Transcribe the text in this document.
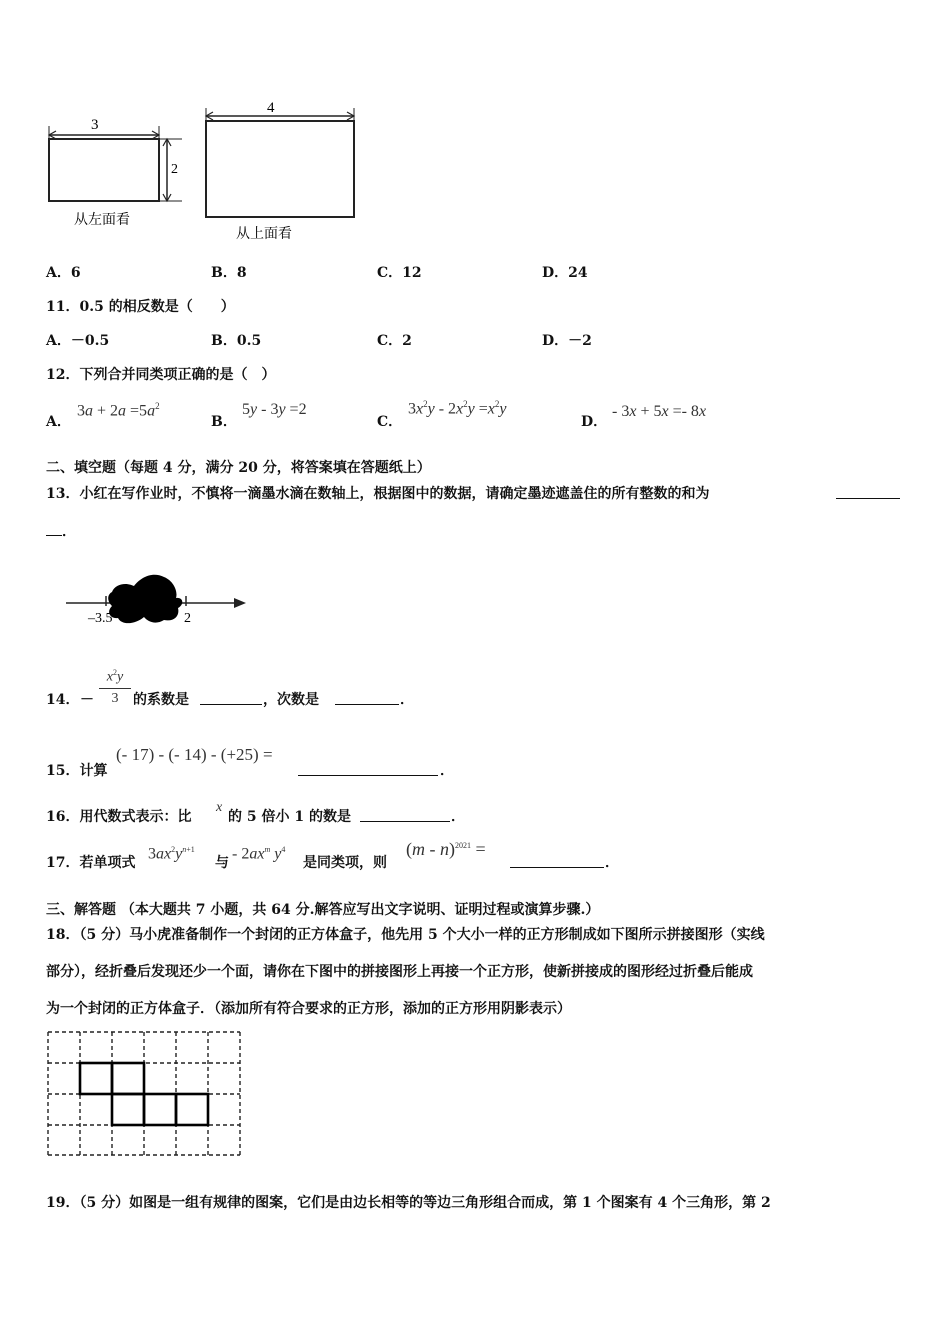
3
2
从左面看
4
从上面看
A．6	B．8	C．12	D．24
11．0.5 的相反数是（　　）
A．－0.5	B．0.5	C．2	D．－2
12．下列合并同类项正确的是（　）
A．
$3a + 2a =5a^2$
B．
5y - 3y =2
C．
$3x^2y - 2x^2y =x^2y$
D．
- 3x + 5x =- 8x
二、填空题（每题 4 分，满分 20 分，将答案填在答题纸上）
13．小红在写作业时，不慎将一滴墨水滴在数轴上，根据图中的数据，请确定墨迹遮盖住的所有整数的和为
．
–3.5	2
14． －
$x^2y$
3	的系数是	，次数是	．
15．计算
(- 17) - (- 14) - (+25) =
．
16．用代数式表示：比
x
的 5 倍小 1 的数是	．
17．若单项式
$3ax^2y^{n+1}$
与
- $2ax^m$ $y^4$
是同类项，则
(m - n)$^{2021}$ =
．
三、解答题 （本大题共 7 小题，共 64 分.解答应写出文字说明、证明过程或演算步骤.）
18．（5 分）马小虎准备制作一个封闭的正方体盒子，他先用 5 个大小一样的正方形制成如下图所示拼接图形（实线
部分），经折叠后发现还少一个面，请你在下图中的拼接图形上再接一个正方形，使新拼接成的图形经过折叠后能成
为一个封闭的正方体盒子．（添加所有符合要求的正方形，添加的正方形用阴影表示）
19．（5 分）如图是一组有规律的图案，它们是由边长相等的等边三角形组合而成，第 1 个图案有 4 个三角形，第 2
